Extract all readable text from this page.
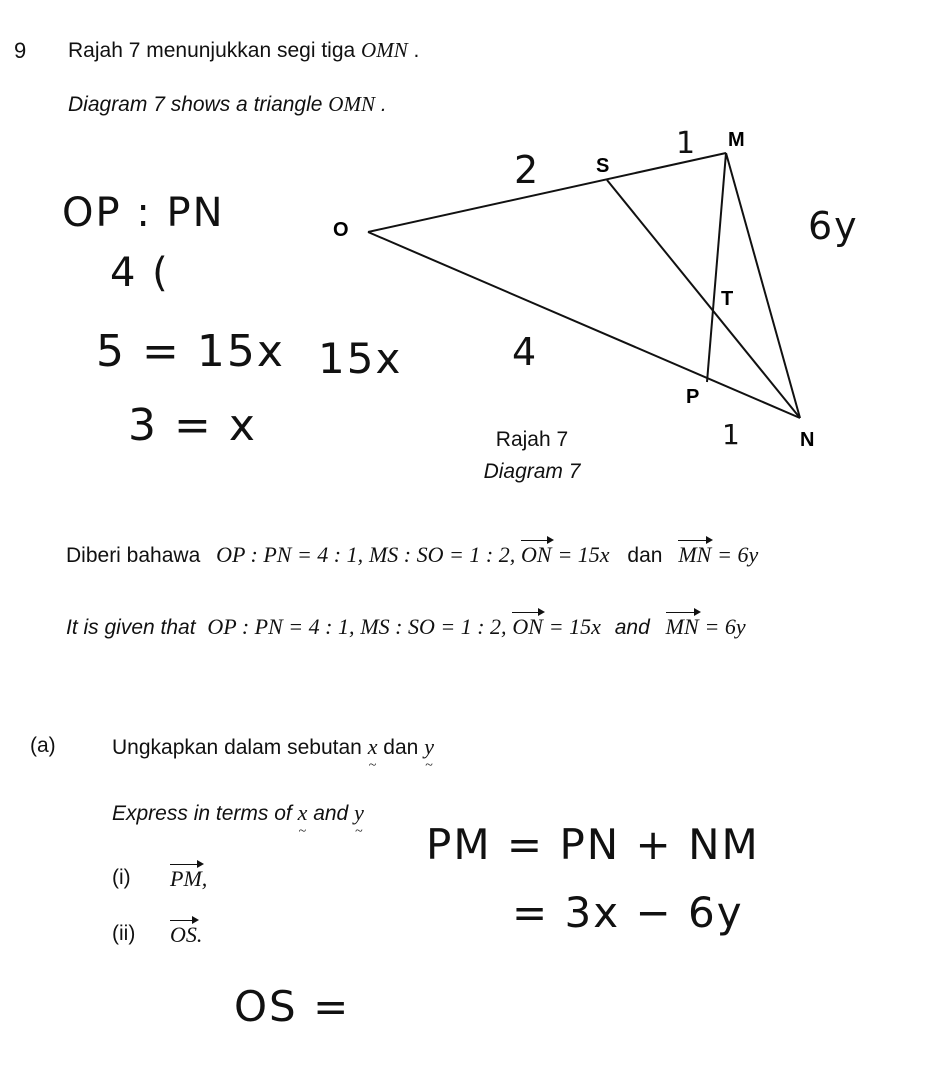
9 Rajah 7 menunjukkan segi tiga OMN .
Diagram 7 shows a triangle OMN .
O
M
S
T
P
N
Rajah 7
Diagram 7
2
1
6y
4
1
OP : PN
4 (
5 = 15x 15x
3 = x
Diberi bahawa OP : PN = 4 : 1, MS : SO = 1 : 2, ON = 15x dan MN = 6y
It is given that OP : PN = 4 : 1, MS : SO = 1 : 2, ON = 15x and MN = 6y
(a)	Ungkapkan dalam sebutan x ~ dan y ~
Express in terms of x ~ and y ~
(i) PM,
(ii) OS.
PM = PN + NM
= 3x − 6y
OS =
